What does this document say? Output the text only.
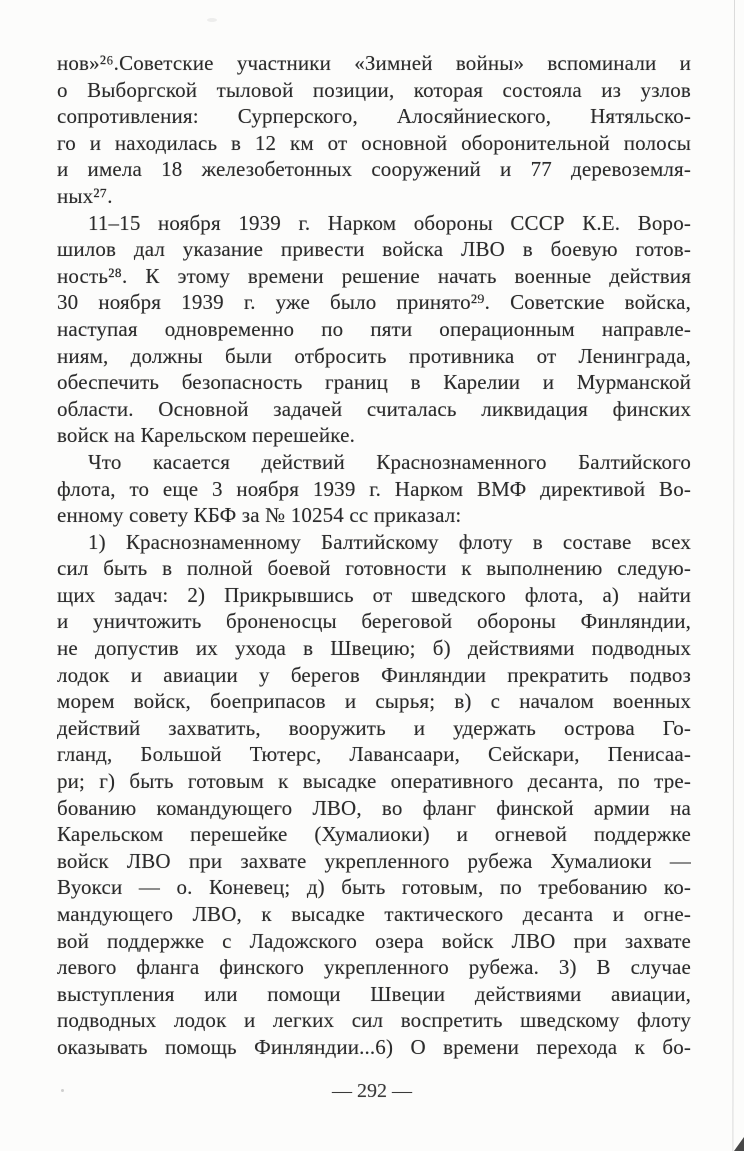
нов»²⁶.Советские участники «Зимней войны» вспоминали и
о Выборгской тыловой позиции, которая состояла из узлов
сопротивления: Сурперского, Алосяйниеского, Нятяльско-
го и находилась в 12 км от основной оборонительной полосы
и имела 18 железобетонных сооружений и 77 деревоземля-
ных²⁷.
11–15 ноября 1939 г. Нарком обороны СССР К.Е. Воро-
шилов дал указание привести войска ЛВО в боевую готов-
ность²⁸. К этому времени решение начать военные действия
30 ноября 1939 г. уже было принято²⁹. Советские войска,
наступая одновременно по пяти операционным направле-
ниям, должны были отбросить противника от Ленинграда,
обеспечить безопасность границ в Карелии и Мурманской
области. Основной задачей считалась ликвидация финских
войск на Карельском перешейке.
Что касается действий Краснознаменного Балтийского
флота, то еще 3 ноября 1939 г. Нарком ВМФ директивой Во-
енному совету КБФ за № 10254 сс приказал:
1) Краснознаменному Балтийскому флоту в составе всех
сил быть в полной боевой готовности к выполнению следую-
щих задач: 2) Прикрывшись от шведского флота, а) найти
и уничтожить броненосцы береговой обороны Финляндии,
не допустив их ухода в Швецию; б) действиями подводных
лодок и авиации у берегов Финляндии прекратить подвоз
морем войск, боеприпасов и сырья; в) с началом военных
действий захватить, вооружить и удержать острова Го-
гланд, Большой Тютерс, Лавансаари, Сейскари, Пенисаа-
ри; г) быть готовым к высадке оперативного десанта, по тре-
бованию командующего ЛВО, во фланг финской армии на
Карельском перешейке (Хумалиоки) и огневой поддержке
войск ЛВО при захвате укрепленного рубежа Хумалиоки —
Вуокси — о. Коневец; д) быть готовым, по требованию ко-
мандующего ЛВО, к высадке тактического десанта и огне-
вой поддержке с Ладожского озера войск ЛВО при захвате
левого фланга финского укрепленного рубежа. 3) В случае
выступления или помощи Швеции действиями авиации,
подводных лодок и легких сил воспретить шведскому флоту
оказывать помощь Финляндии...6) О времени перехода к бо-
— 292 —
